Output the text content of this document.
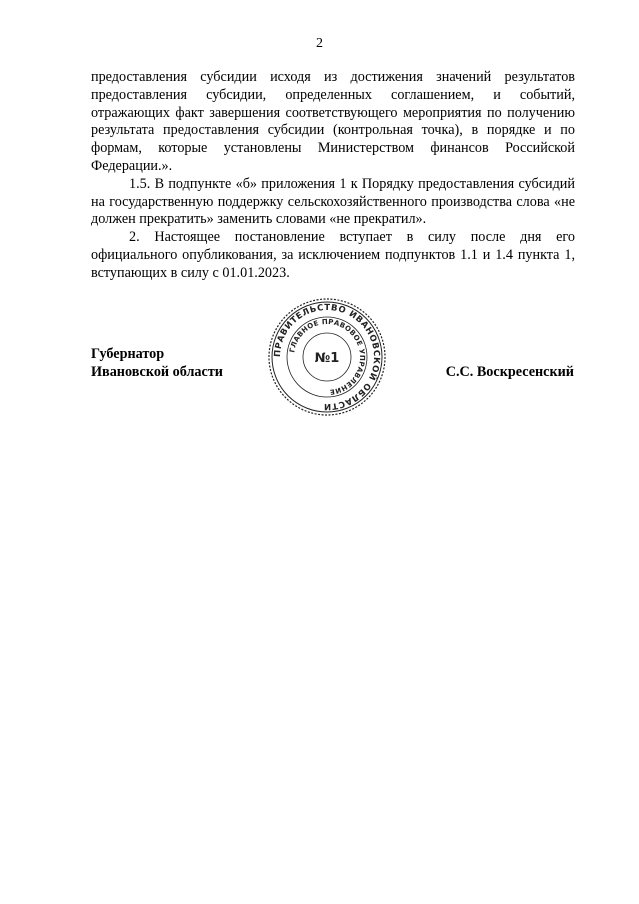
2

предоставления субсидии исходя из достижения значений результатов предоставления субсидии, определенных соглашением, и событий, отражающих факт завершения соответствующего мероприятия по получению результата предоставления субсидии (контрольная точка), в порядке и по формам, которые установлены Министерством финансов Российской Федерации.».

1.5. В подпункте «б» приложения 1 к Порядку предоставления субсидий на государственную поддержку сельскохозяйственного производства слова «не должен прекратить» заменить словами «не прекратил».

2. Настоящее постановление вступает в силу после дня его официального опубликования, за исключением подпунктов 1.1 и 1.4 пункта 1, вступающих в силу с 01.01.2023.

Губернатор
Ивановской области	С.С. Воскресенский
ПРАВИТЕЛЬСТВО ИВАНОВСКОЙ ОБЛАСТИ
ГЛАВНОЕ ПРАВОВОЕ УПРАВЛЕНИЕ
№1
